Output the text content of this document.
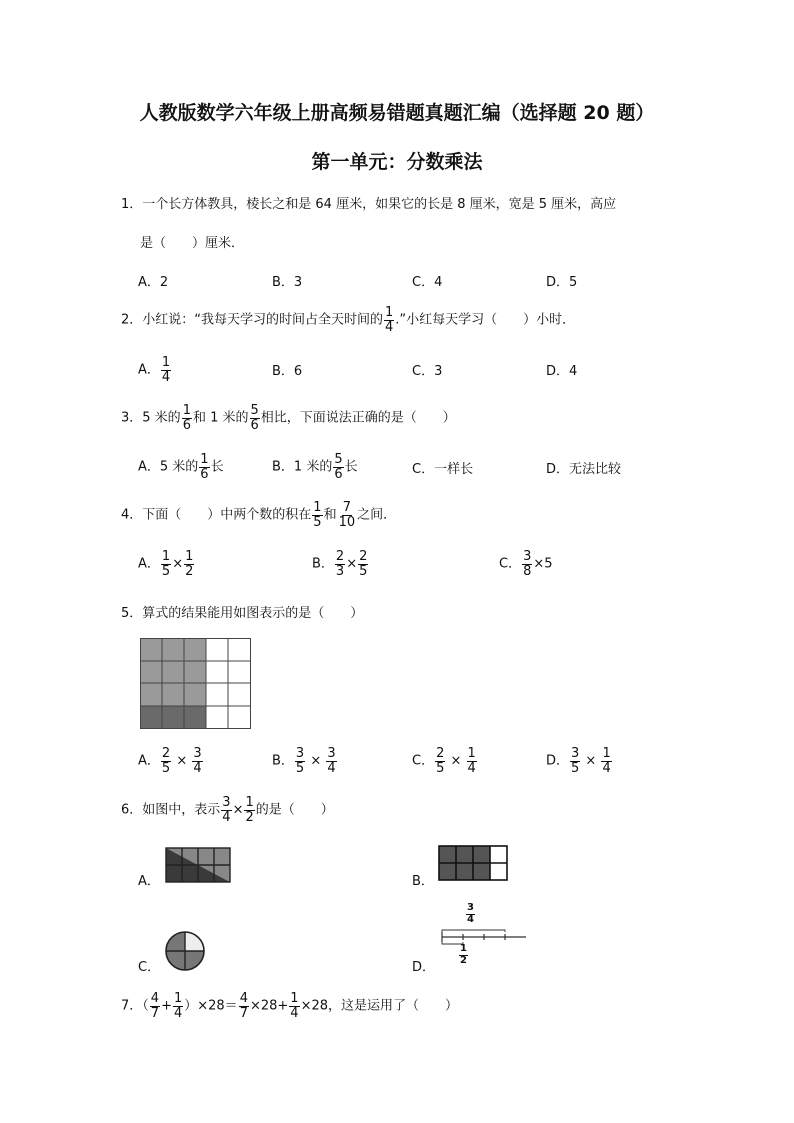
人教版数学六年级上册高频易错题真题汇编（选择题 20 题）
第一单元：分数乘法
1．一个长方体教具，棱长之和是 64 厘米，如果它的长是 8 厘米，宽是 5 厘米，高应
是（　　）厘米．
A．2	B．3	C．4	D．5
2．小红说：“我每天学习的时间占全天时间的 $\frac{1}{4}$ .”小红每天学习（　　）小时．
A． $\frac{1}{4}$	B．6	C．3	D．4
3．5 米的 $\frac{1}{6}$ 和 1 米的 $\frac{5}{6}$ 相比，下面说法正确的是（　　）
A．5 米的 $\frac{1}{6}$ 长	B．1 米的 $\frac{5}{6}$ 长	C．一样长	D．无法比较
4．下面（　　）中两个数的积在 $\frac{1}{5}$ 和 $\frac{7}{10}$ 之间．
A． $\frac{1}{5} \times \frac{1}{2}$	B． $\frac{2}{3} \times \frac{2}{5}$	C． $\frac{3}{8} \times 5$
5．算式的结果能用如图表示的是（　　）
A． $\frac{2}{5} \times \frac{3}{4}$	B． $\frac{3}{5} \times \frac{3}{4}$	C． $\frac{2}{5} \times \frac{1}{4}$	D． $\frac{3}{5} \times \frac{1}{4}$
6．如图中，表示 $\frac{3}{4} \times \frac{1}{2}$ 的是（　　）
A．	B．
C．	D．
$\frac{3}{4}$
$\frac{1}{2}$
7．（ $\frac{4}{7} + \frac{1}{4} )\times 28= \frac{4}{7} \times 28+ \frac{1}{4} \times 28$，这是运用了（　　）
